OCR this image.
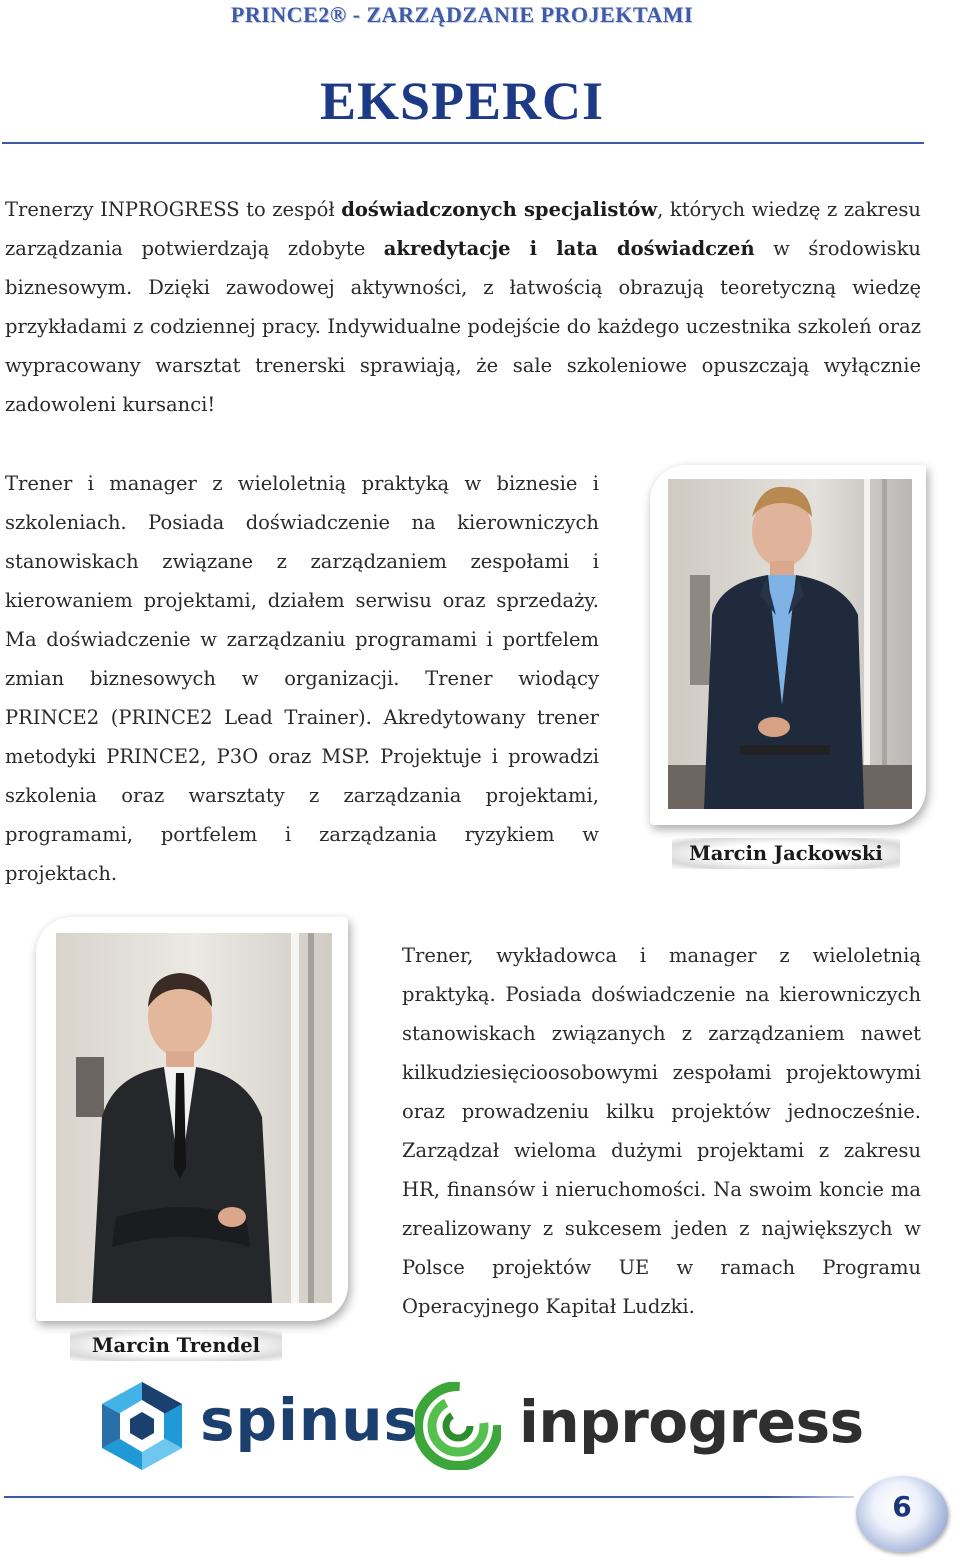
PRINCE2® - ZARZĄDZANIE PROJEKTAMI
EKSPERCI

Trenerzy INPROGRESS to zespół doświadczonych specjalistów, których wiedzę z zakresu zarządzania potwierdzają zdobyte akredytacje i lata doświadczeń w środowisku biznesowym. Dzięki zawodowej aktywności, z łatwością obrazują teoretyczną wiedzę przykładami z codziennej pracy. Indywidualne podejście do każdego uczestnika szkoleń oraz wypracowany warsztat trenerski sprawiają, że sale szkoleniowe opuszczają wyłącznie zadowoleni kursanci!

Trener i manager z wieloletnią praktyką w biznesie i szkoleniach. Posiada doświadczenie na kierowniczych stanowiskach związane z zarządzaniem zespołami i kierowaniem projektami, działem serwisu oraz sprzedaży. Ma doświadczenie w zarządzaniu programami i portfelem zmian biznesowych w organizacji. Trener wiodący PRINCE2 (PRINCE2 Lead Trainer). Akredytowany trener metodyki PRINCE2, P3O oraz MSP. Projektuje i prowadzi szkolenia oraz warsztaty z zarządzania projektami, programami, portfelem i zarządzania ryzykiem w projektach.

Marcin Jackowski
Marcin Trendel

Trener, wykładowca i manager z wieloletnią praktyką. Posiada doświadczenie na kierowniczych stanowiskach związanych z zarządzaniem nawet kilkudziesięcioosobowymi zespołami projektowymi oraz prowadzeniu kilku projektów jednocześnie. Zarządzał wieloma dużymi projektami z zakresu HR, finansów i nieruchomości. Na swoim koncie ma zrealizowany z sukcesem jeden z największych w Polsce projektów UE w ramach Programu Operacyjnego Kapitał Ludzki.

spinus inprogress
6
